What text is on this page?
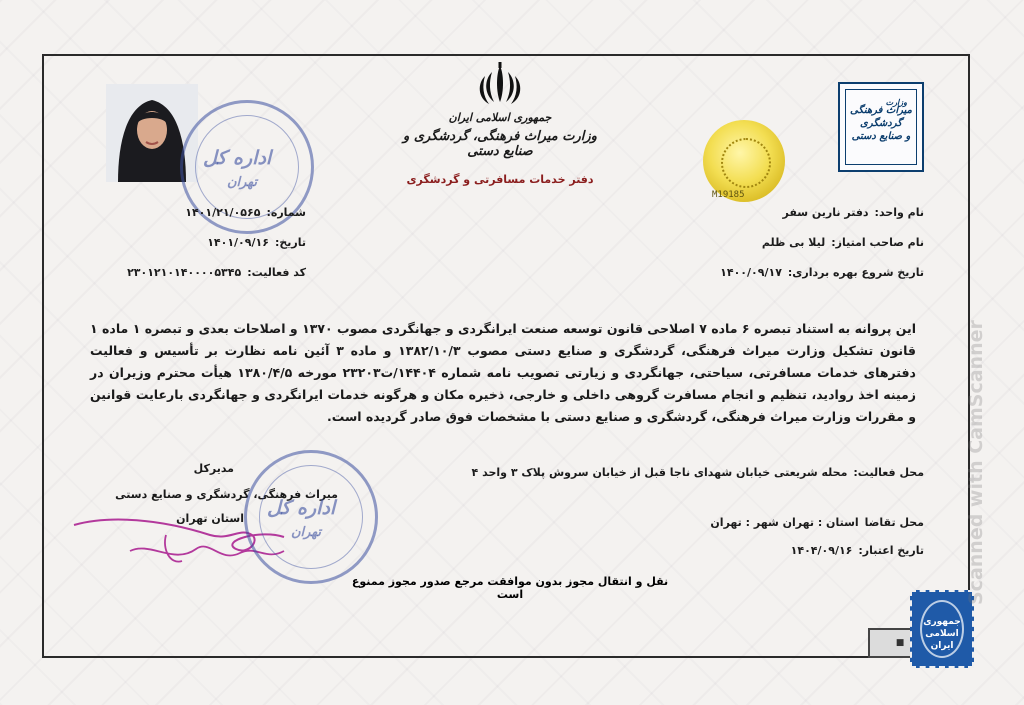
جمهوری اسلامی ایران
وزارت میراث فرهنگی، گردشگری و صنایع دستی
دفتر خدمات مسافرتی و گردشگری
وزارت
میراث فرهنگی
گردشگری
و صنایع دستی
M19185
اداره کل
تهران
نام واحد:دفتر نارین سفر
نام صاحب امتیاز:لیلا بی ظلم
تاریخ شروع بهره برداری:۱۴۰۰/۰۹/۱۷
شماره:۱۴۰۱/۲۱/۰۵۶۵
تاریخ:۱۴۰۱/۰۹/۱۶
کد فعالیت:۲۳۰۱۲۱۰۱۴۰۰۰۰۵۳۴۵
این پروانه به استناد تبصره ۶ ماده ۷ اصلاحی قانون توسعه صنعت ایرانگردی و جهانگردی مصوب ۱۳۷۰ و اصلاحات بعدی و تبصره ۱ ماده ۱ قانون تشکیل وزارت میراث فرهنگی، گردشگری و صنایع دستی مصوب ۱۳۸۲/۱۰/۳ و ماده ۳ آئین نامه نظارت بر تأسیس و فعالیت دفترهای خدمات مسافرتی، سیاحتی، جهانگردی و زیارتی تصویب نامه شماره ۱۴۴۰۴/ت۲۳۲۰۳ مورخه ۱۳۸۰/۴/۵ هیأت محترم وزیران در زمینه اخذ روادید، تنظیم و انجام مسافرت گروهی داخلی و خارجی، ذخیره مکان و هرگونه خدمات ایرانگردی و جهانگردی بارعایت قوانین و مقررات وزارت میراث فرهنگی، گردشگری و صنایع دستی با مشخصات فوق صادر گردیده است.
محل فعالیت:محله شریعتی خیابان شهدای ناجا قبل از خیابان سروش پلاک ۳ واحد ۴
مدیرکل
میراث فرهنگی، گردشگری و صنایع دستی
استان تهران اداره کل
تهران
محل تقاضااستان : تهران شهر : تهران
تاریخ اعتبار:۱۴۰۴/۰۹/۱۶
نقل و انتقال مجوز بدون موافقت مرجع صدور مجوز ممنوع است
■
جمهوری اسلامی ایران
Scanned with CamScanner
